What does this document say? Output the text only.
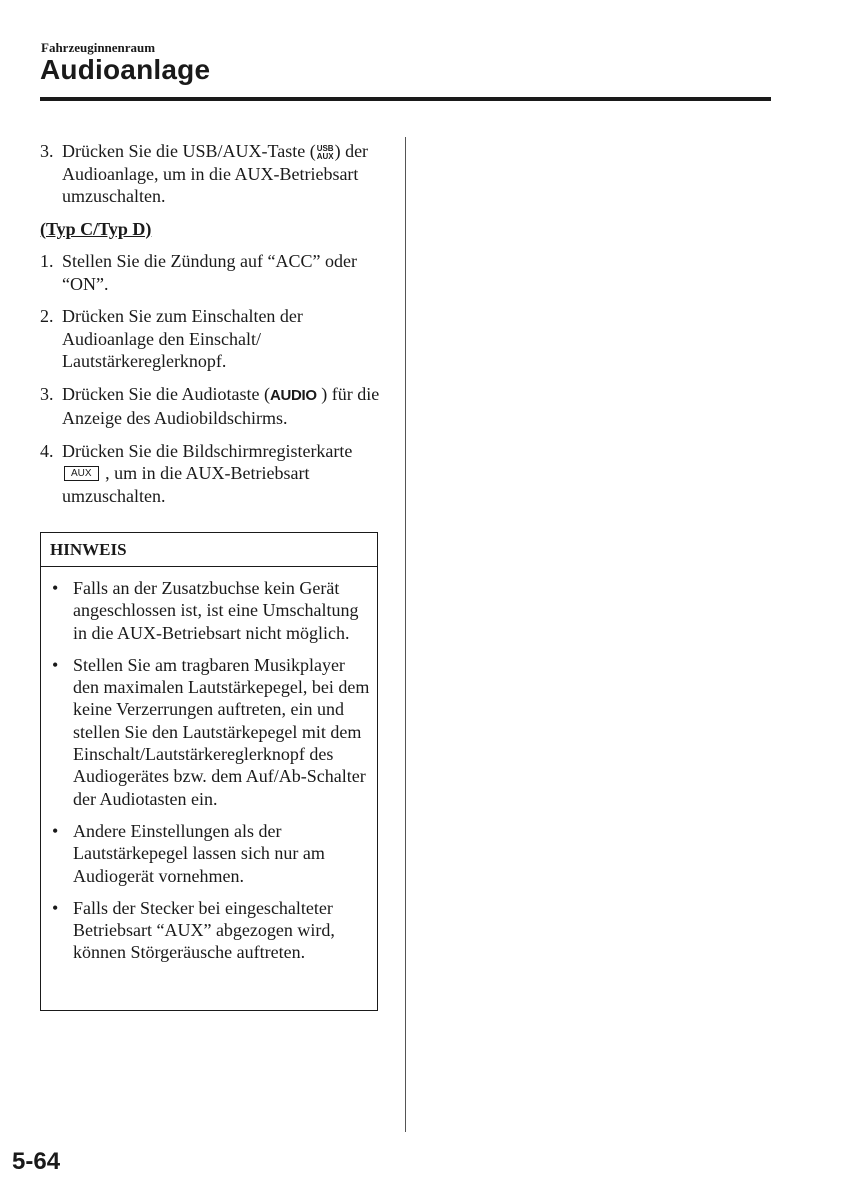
Fahrzeuginnenraum
Audioanlage
3. Drücken Sie die USB/AUX-Taste ( USB
AUX ) der Audioanlage, um in die AUX-Betriebsart umzuschalten.
(Typ C/Typ D)
1. Stellen Sie die Zündung auf “ACC” oder “ON”.
2. Drücken Sie zum Einschalten der Audioanlage den Einschalt/ Lautstärkereglerknopf.
3. Drücken Sie die Audiotaste (AUDIO ) für die Anzeige des Audiobildschirms.
4. Drücken Sie die Bildschirmregisterkarte AUX , um in die AUX-Betriebsart umzuschalten.
HINWEIS
• Falls an der Zusatzbuchse kein Gerät angeschlossen ist, ist eine Umschaltung in die AUX-Betriebsart nicht möglich.
• Stellen Sie am tragbaren Musikplayer den maximalen Lautstärkepegel, bei dem keine Verzerrungen auftreten, ein und stellen Sie den Lautstärkepegel mit dem Einschalt/Lautstärkereglerknopf des Audiogerätes bzw. dem Auf/Ab-Schalter der Audiotasten ein.
• Andere Einstellungen als der Lautstärkepegel lassen sich nur am Audiogerät vornehmen.
• Falls der Stecker bei eingeschalteter Betriebsart “AUX” abgezogen wird, können Störgeräusche auftreten.
5-64
